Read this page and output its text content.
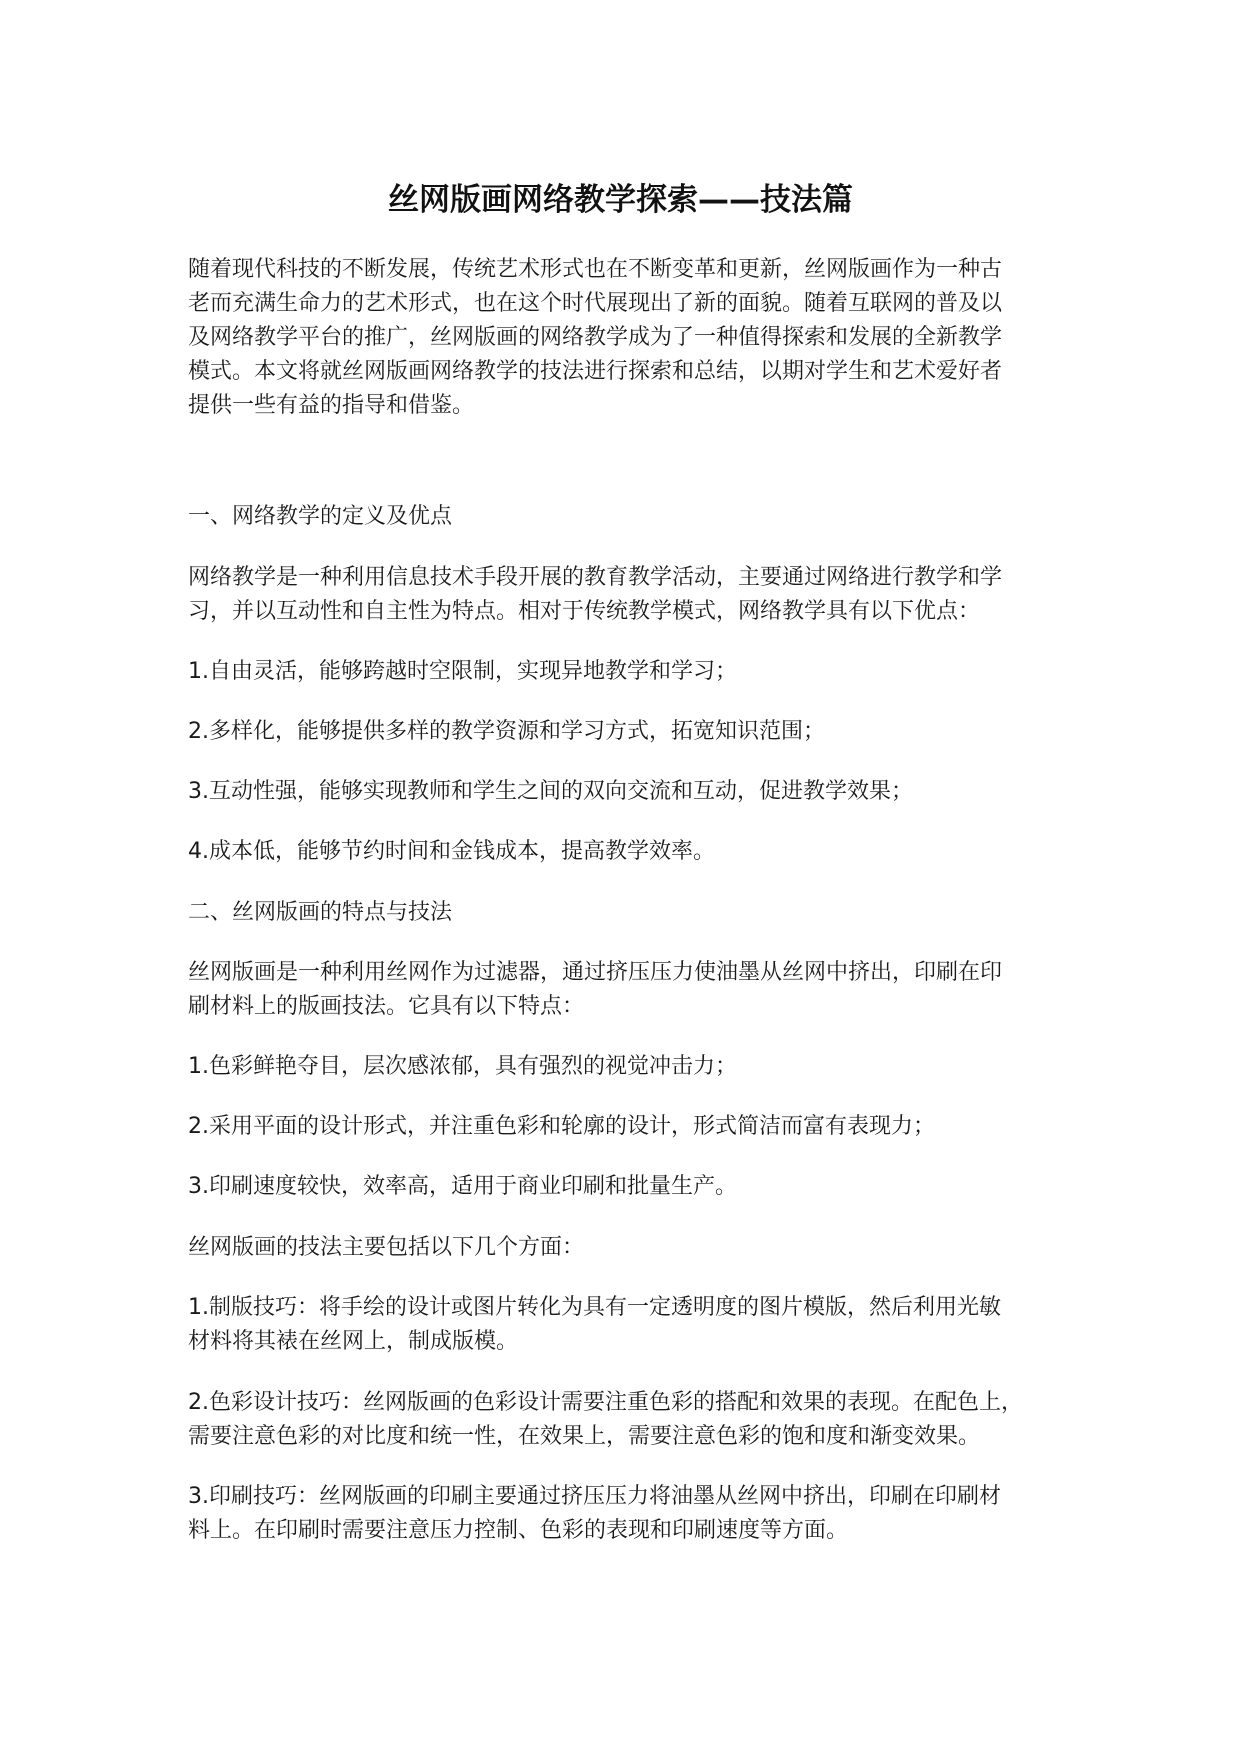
丝网版画网络教学探索——技法篇
随着现代科技的不断发展，传统艺术形式也在不断变革和更新，丝网版画作为一种古
老而充满生命力的艺术形式，也在这个时代展现出了新的面貌。随着互联网的普及以
及网络教学平台的推广，丝网版画的网络教学成为了一种值得探索和发展的全新教学
模式。本文将就丝网版画网络教学的技法进行探索和总结，以期对学生和艺术爱好者
提供一些有益的指导和借鉴。
一、网络教学的定义及优点
网络教学是一种利用信息技术手段开展的教育教学活动，主要通过网络进行教学和学
习，并以互动性和自主性为特点。相对于传统教学模式，网络教学具有以下优点：
1.自由灵活，能够跨越时空限制，实现异地教学和学习；
2.多样化，能够提供多样的教学资源和学习方式，拓宽知识范围；
3.互动性强，能够实现教师和学生之间的双向交流和互动，促进教学效果；
4.成本低，能够节约时间和金钱成本，提高教学效率。
二、丝网版画的特点与技法
丝网版画是一种利用丝网作为过滤器，通过挤压压力使油墨从丝网中挤出，印刷在印
刷材料上的版画技法。它具有以下特点：
1.色彩鲜艳夺目，层次感浓郁，具有强烈的视觉冲击力；
2.采用平面的设计形式，并注重色彩和轮廓的设计，形式简洁而富有表现力；
3.印刷速度较快，效率高，适用于商业印刷和批量生产。
丝网版画的技法主要包括以下几个方面：
1.制版技巧：将手绘的设计或图片转化为具有一定透明度的图片模版，然后利用光敏
材料将其裱在丝网上，制成版模。
2.色彩设计技巧：丝网版画的色彩设计需要注重色彩的搭配和效果的表现。在配色上，
需要注意色彩的对比度和统一性，在效果上，需要注意色彩的饱和度和渐变效果。
3.印刷技巧：丝网版画的印刷主要通过挤压压力将油墨从丝网中挤出，印刷在印刷材
料上。在印刷时需要注意压力控制、色彩的表现和印刷速度等方面。
